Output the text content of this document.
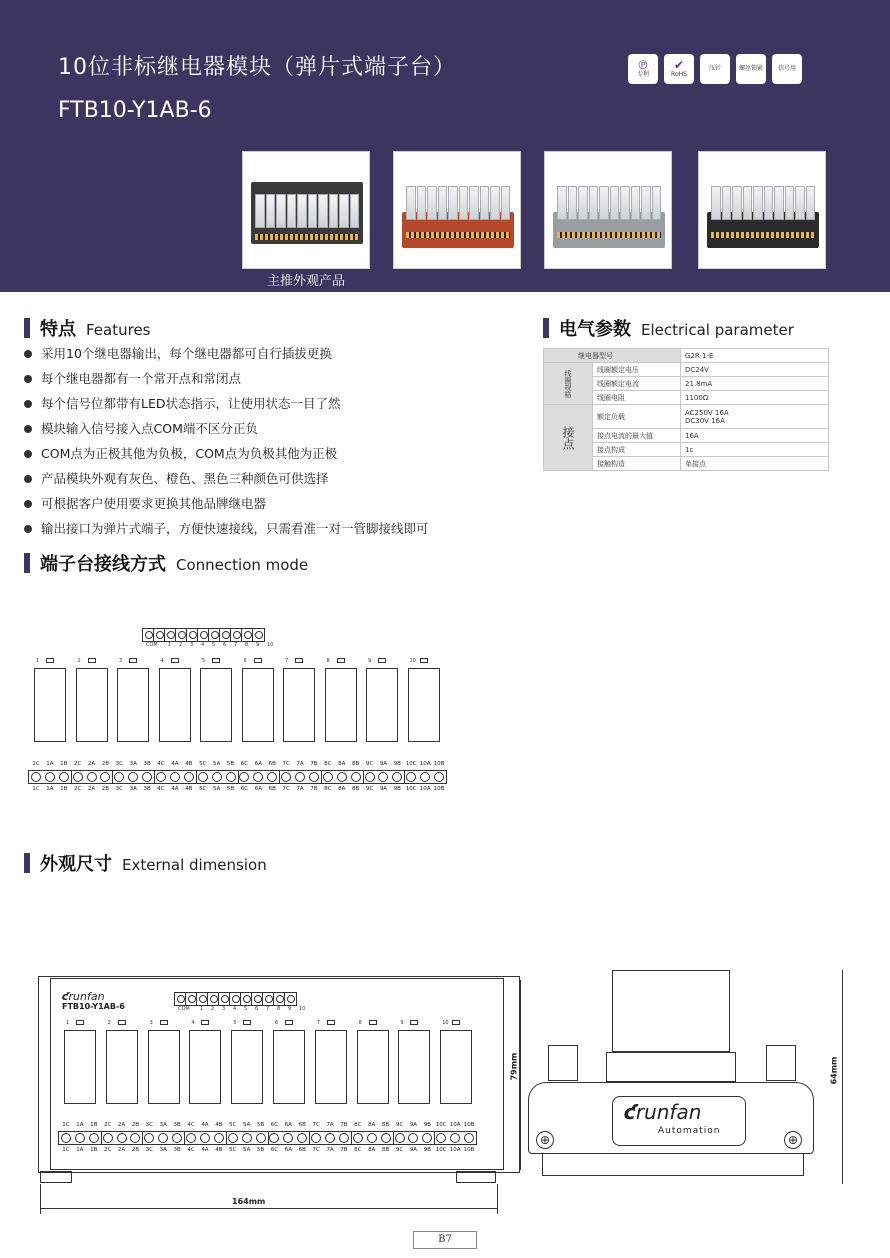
10位非标继电器模块（弹片式端子台）
FTB10-Y1AB-6
℗
专利
✔
RoHS
压针	螺丝锁紧 信号用
主推外观产品
特点 Features
采用10个继电器输出，每个继电器都可自行插拔更换
每个继电器都有一个常开点和常闭点
每个信号位都带有LED状态指示，让使用状态一目了然
模块输入信号接入点COM端不区分正负
COM点为正极其他为负极，COM点为负极其他为正极
产品模块外观有灰色、橙色、黑色三种颜色可供选择
可根据客户使用要求更换其他品牌继电器
输出接口为弹片式端子，方便快速接线，只需看准一对一管脚接线即可
电气参数 Electrical parameter
继电器型号		G2R-1-E
线圈规格	线圈额定电压	DC24V
	线圈额定电流	21.8mA
	线圈电阻	1100Ω
接点	额定负载	AC250V 16A
DC30V 16A

	接点电流的最大值	16A
	接点构成	1c
	接触构造	单接点
端子台接线方式 Connection mode
COM 1 2 3 4 5 6 7 8 9 10
1	2	3	4	5	6	7	8	9	10
1C
1C
1A
1A
1B
1B
2C
2C
2A
2A
2B
2B
3C
3C
3A
3A
3B
3B
4C
4C
4A
4A
4B
4B
5C
5C
5A
5A
5B
5B
6C
6C
6A
6A
6B
6B
7C
7C
7A
7A
7B
7B
8C
8C
8A
8A
8B
8B
9C
9C
9A
9A
9B
9B
10C
10C
10A
10A
10B
10B
外观尺寸 External dimension
ƈrunfan
FTB10-Y1AB-6	COM 1 2 3 4 5 6 7 8 9 10
1	2	3	4	5	6	7	8	9	10
1C
1C
1A
1A
1B
1B
2C
2C
2A
2A
2B
2B
3C
3C
3A
3A
3B
3B
4C
4C
4A
4A
4B
4B
5C
5C
5A
5A
5B
5B
6C
6C
6A
6A
6B
6B
7C
7C
7A
7A
7B
7B
8C
8C
8A
8A
8B
8B
9C
9C
9A
9A
9B
9B
10C
10C
10A
10A
10B
10B
164mm
79mm
ƈrunfan
Automation
⊕	⊕
64mm
B7
